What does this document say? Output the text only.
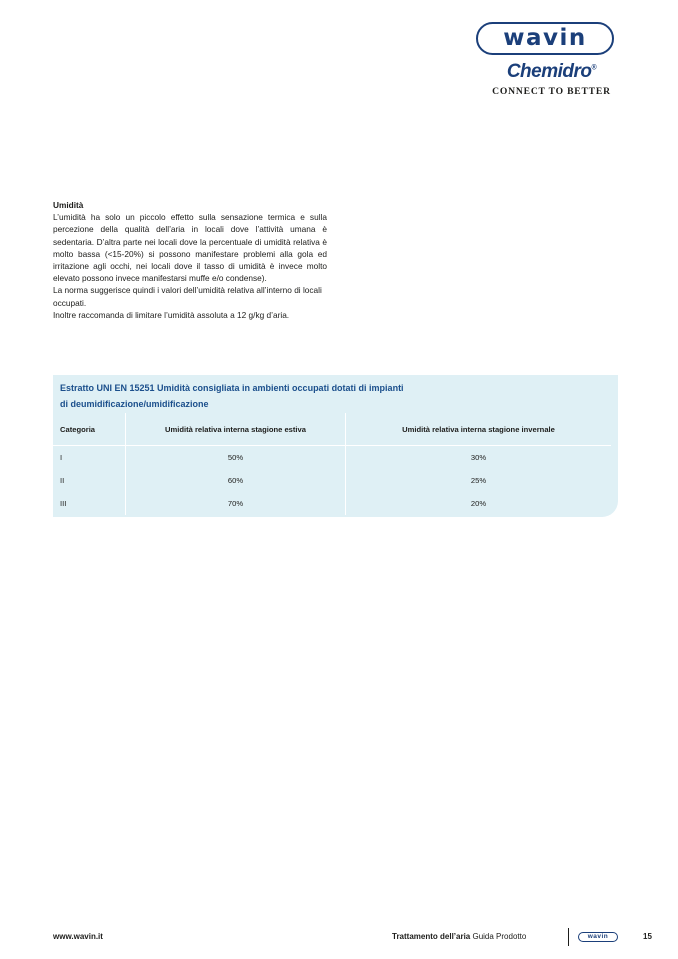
wavin
Chemidro®
CONNECT TO BETTER
Umidità

L’umidità ha solo un piccolo effetto sulla sensazione termica e sulla percezione della qualità dell’aria in locali dove l’attività umana è sedentaria. D’altra parte nei locali dove la percentuale di umidità relativa è molto bassa (<15-20%) si possono manifestare problemi alla gola ed irritazione agli occhi, nei locali dove il tasso di umidità è invece molto elevato possono invece manifestarsi muffe e/o condense).

La norma suggerisce quindi i valori dell’umidità relativa all’interno di locali occupati.

Inoltre raccomanda di limitare l’umidità assoluta a 12 g/kg d’aria.

Estratto UNI EN 15251 Umidità consigliata in ambienti occupati dotati di impianti
di deumidificazione/umidificazione
Categoria	Umidità relativa interna stagione estiva	Umidità relativa interna stagione invernale
I	50%	30%
II	60%	25%
III	70%	20%
www.wavin.it	Trattamento dell’aria Guida Prodotto	wavin	15
